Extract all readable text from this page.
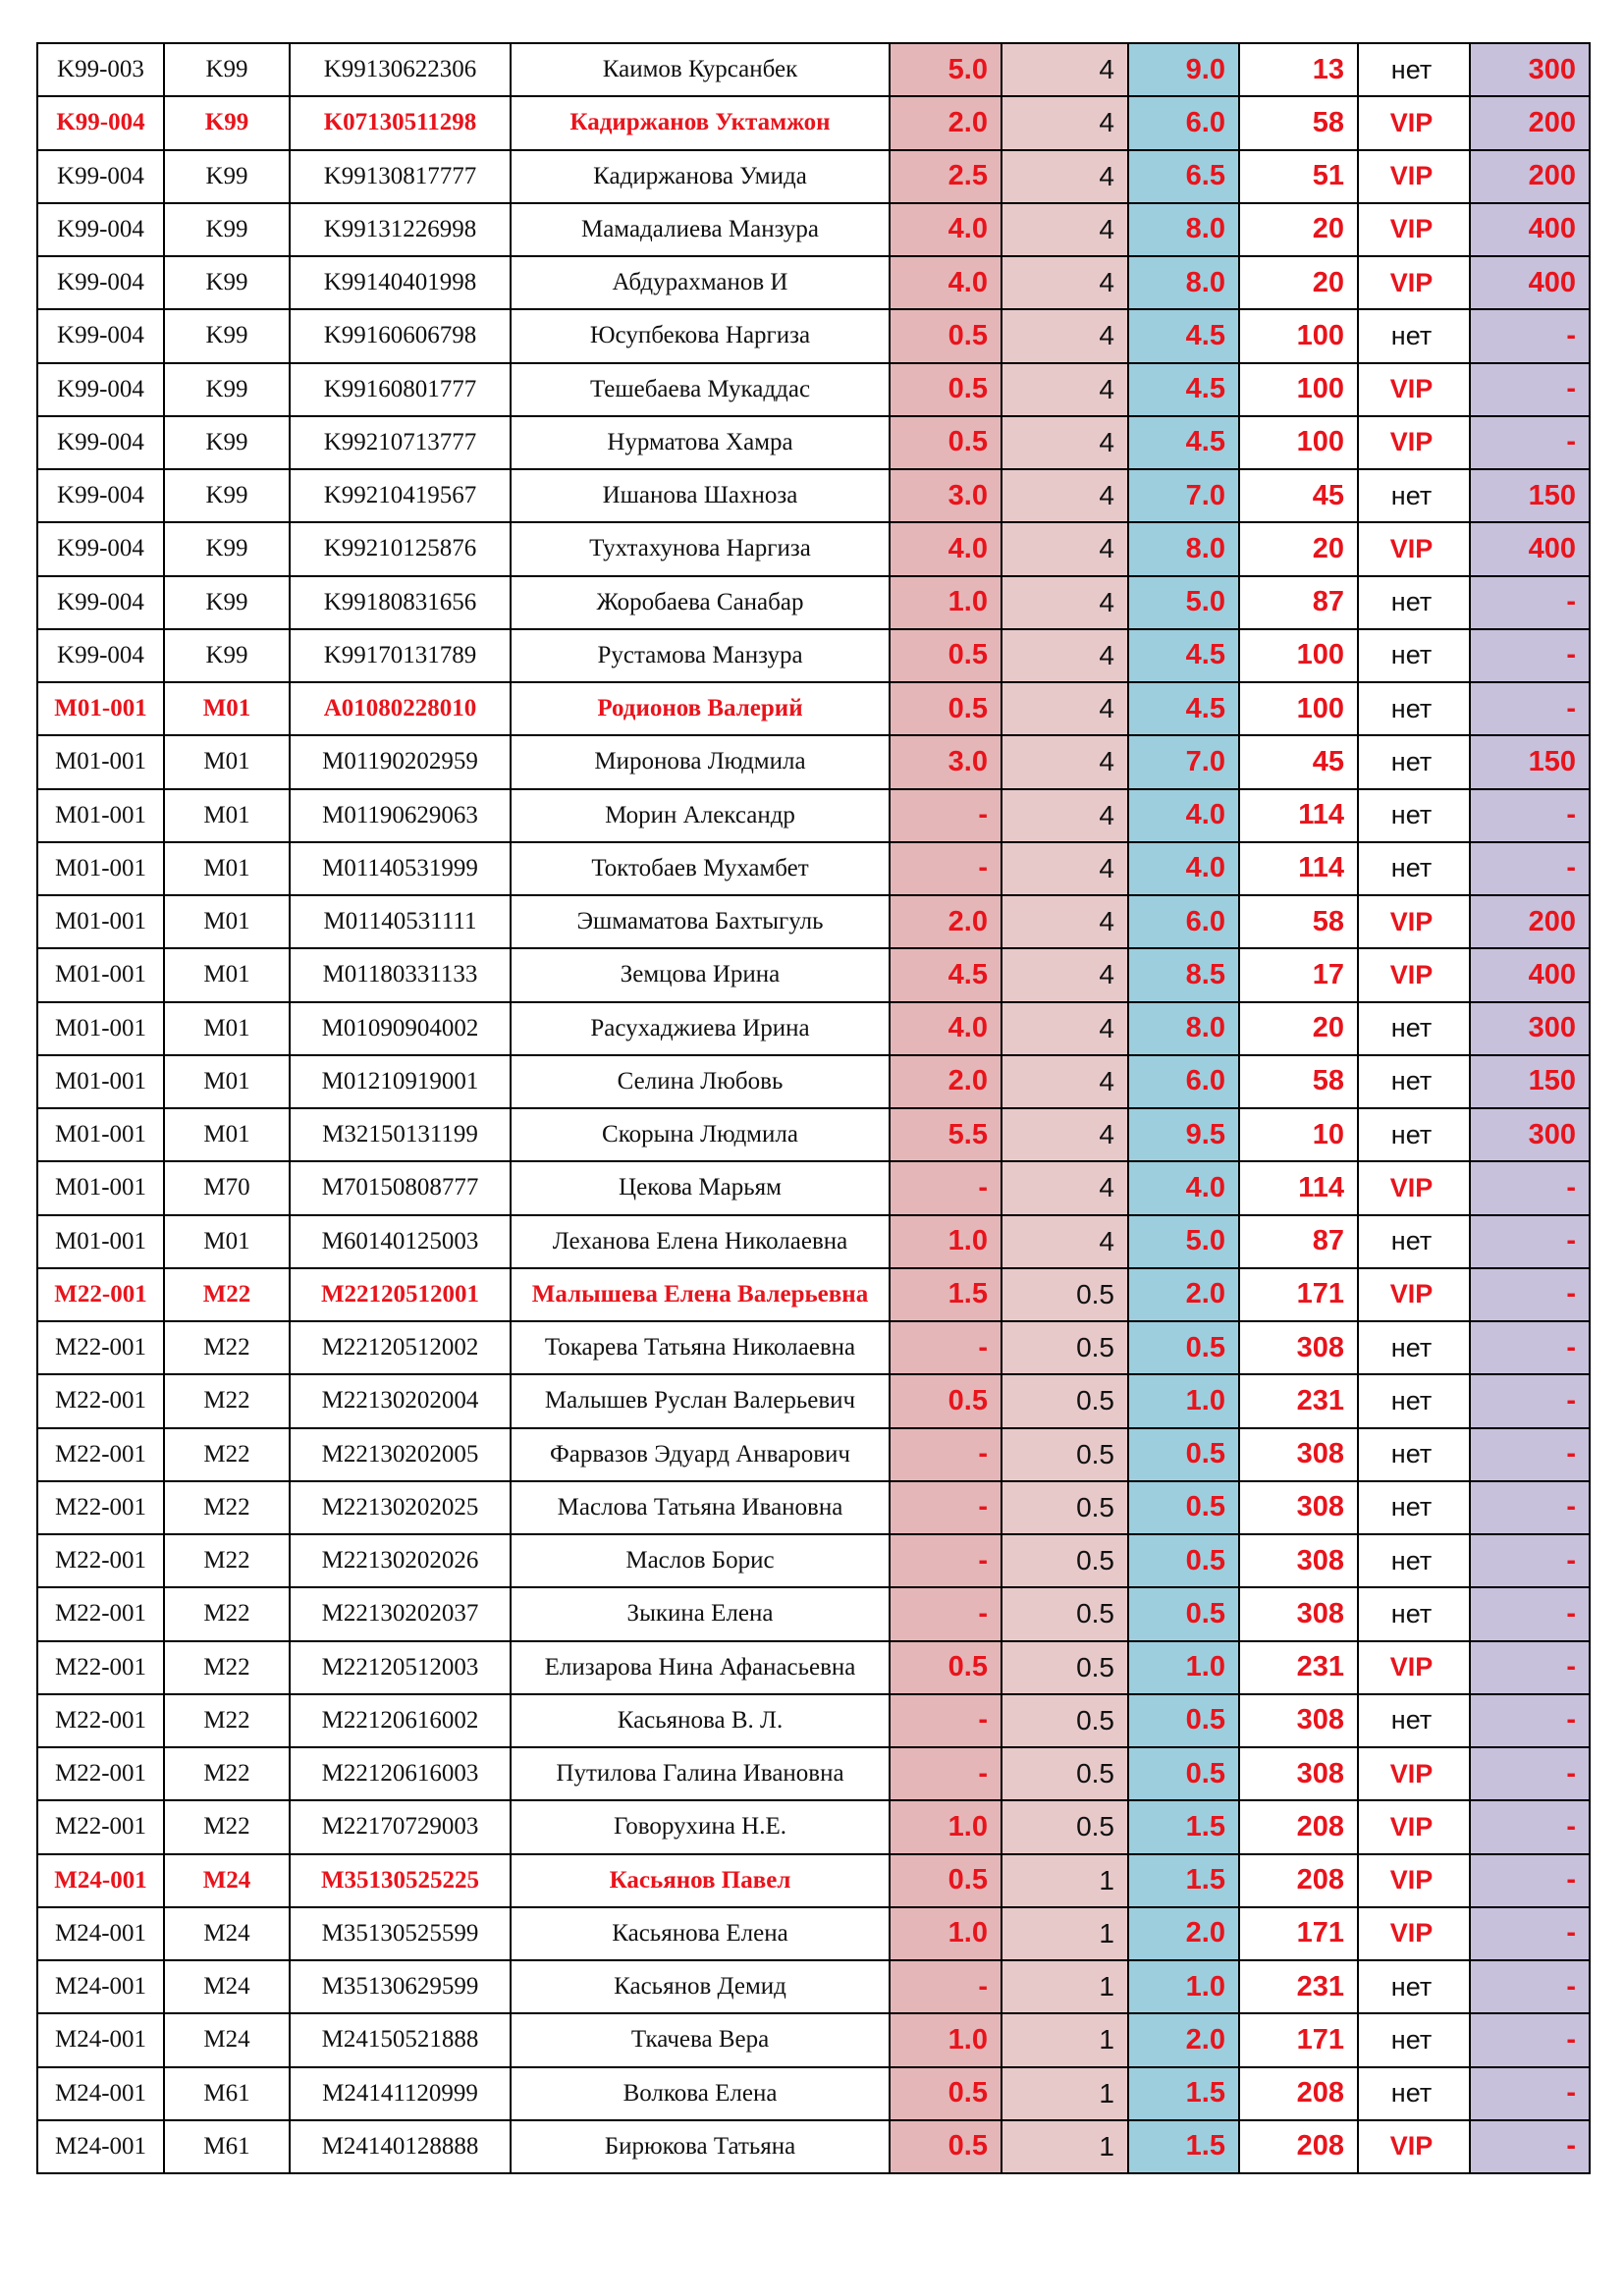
K99-003	K99	K99130622306	Каимов Курсанбек	5.0	4	9.0	13	нет	300
K99-004	K99	K07130511298	Кадиржанов Уктамжон	2.0	4	6.0	58	VIP	200
K99-004	K99	K99130817777	Кадиржанова Умида	2.5	4	6.5	51	VIP	200
K99-004	K99	K99131226998	Мамадалиева Манзура	4.0	4	8.0	20	VIP	400
K99-004	K99	K99140401998	Абдурахманов И	4.0	4	8.0	20	VIP	400
K99-004	K99	K99160606798	Юсупбекова Наргиза	0.5	4	4.5	100	нет	-
K99-004	K99	K99160801777	Тешебаева Мукаддас	0.5	4	4.5	100	VIP	-
K99-004	K99	K99210713777	Нурматова Хамра	0.5	4	4.5	100	VIP	-
K99-004	K99	K99210419567	Ишанова Шахноза	3.0	4	7.0	45	нет	150
K99-004	K99	K99210125876	Тухтахунова Наргиза	4.0	4	8.0	20	VIP	400
K99-004	K99	K99180831656	Жоробаева Санабар	1.0	4	5.0	87	нет	-
K99-004	K99	K99170131789	Рустамова Манзура	0.5	4	4.5	100	нет	-
M01-001	M01	A01080228010	Родионов Валерий	0.5	4	4.5	100	нет	-
M01-001	M01	M01190202959	Миронова Людмила	3.0	4	7.0	45	нет	150
M01-001	M01	M01190629063	Морин Александр	-	4	4.0	114	нет	-
M01-001	M01	M01140531999	Токтобаев Мухамбет	-	4	4.0	114	нет	-
M01-001	M01	M01140531111	Эшмаматова Бахтыгуль	2.0	4	6.0	58	VIP	200
M01-001	M01	M01180331133	Земцова Ирина	4.5	4	8.5	17	VIP	400
M01-001	M01	M01090904002	Расухаджиева Ирина	4.0	4	8.0	20	нет	300
M01-001	M01	M01210919001	Селина Любовь	2.0	4	6.0	58	нет	150
M01-001	M01	M32150131199	Скорына Людмила	5.5	4	9.5	10	нет	300
M01-001	M70	M70150808777	Цекова Марьям	-	4	4.0	114	VIP	-
M01-001	M01	M60140125003	Леханова Елена Николаевна	1.0	4	5.0	87	нет	-
M22-001	M22	M22120512001	Малышева Елена Валерьевна	1.5	0.5	2.0	171	VIP	-
M22-001	M22	M22120512002	Токарева Татьяна Николаевна	-	0.5	0.5	308	нет	-
M22-001	M22	M22130202004	Малышев Руслан Валерьевич	0.5	0.5	1.0	231	нет	-
M22-001	M22	M22130202005	Фарвазов Эдуард Анварович	-	0.5	0.5	308	нет	-
M22-001	M22	M22130202025	Маслова Татьяна Ивановна	-	0.5	0.5	308	нет	-
M22-001	M22	M22130202026	Маслов Борис	-	0.5	0.5	308	нет	-
M22-001	M22	M22130202037	Зыкина Елена	-	0.5	0.5	308	нет	-
M22-001	M22	M22120512003	Елизарова Нина Афанасьевна	0.5	0.5	1.0	231	VIP	-
M22-001	M22	M22120616002	Касьянова В. Л.	-	0.5	0.5	308	нет	-
M22-001	M22	M22120616003	Путилова Галина Ивановна	-	0.5	0.5	308	VIP	-
M22-001	M22	M22170729003	Говорухина Н.Е.	1.0	0.5	1.5	208	VIP	-
M24-001	M24	M35130525225	Касьянов Павел	0.5	1	1.5	208	VIP	-
M24-001	M24	M35130525599	Касьянова Елена	1.0	1	2.0	171	VIP	-
M24-001	M24	M35130629599	Касьянов Демид	-	1	1.0	231	нет	-
M24-001	M24	M24150521888	Ткачева Вера	1.0	1	2.0	171	нет	-
M24-001	M61	M24141120999	Волкова Елена	0.5	1	1.5	208	нет	-
M24-001	M61	M24140128888	Бирюкова Татьяна	0.5	1	1.5	208	VIP	-
